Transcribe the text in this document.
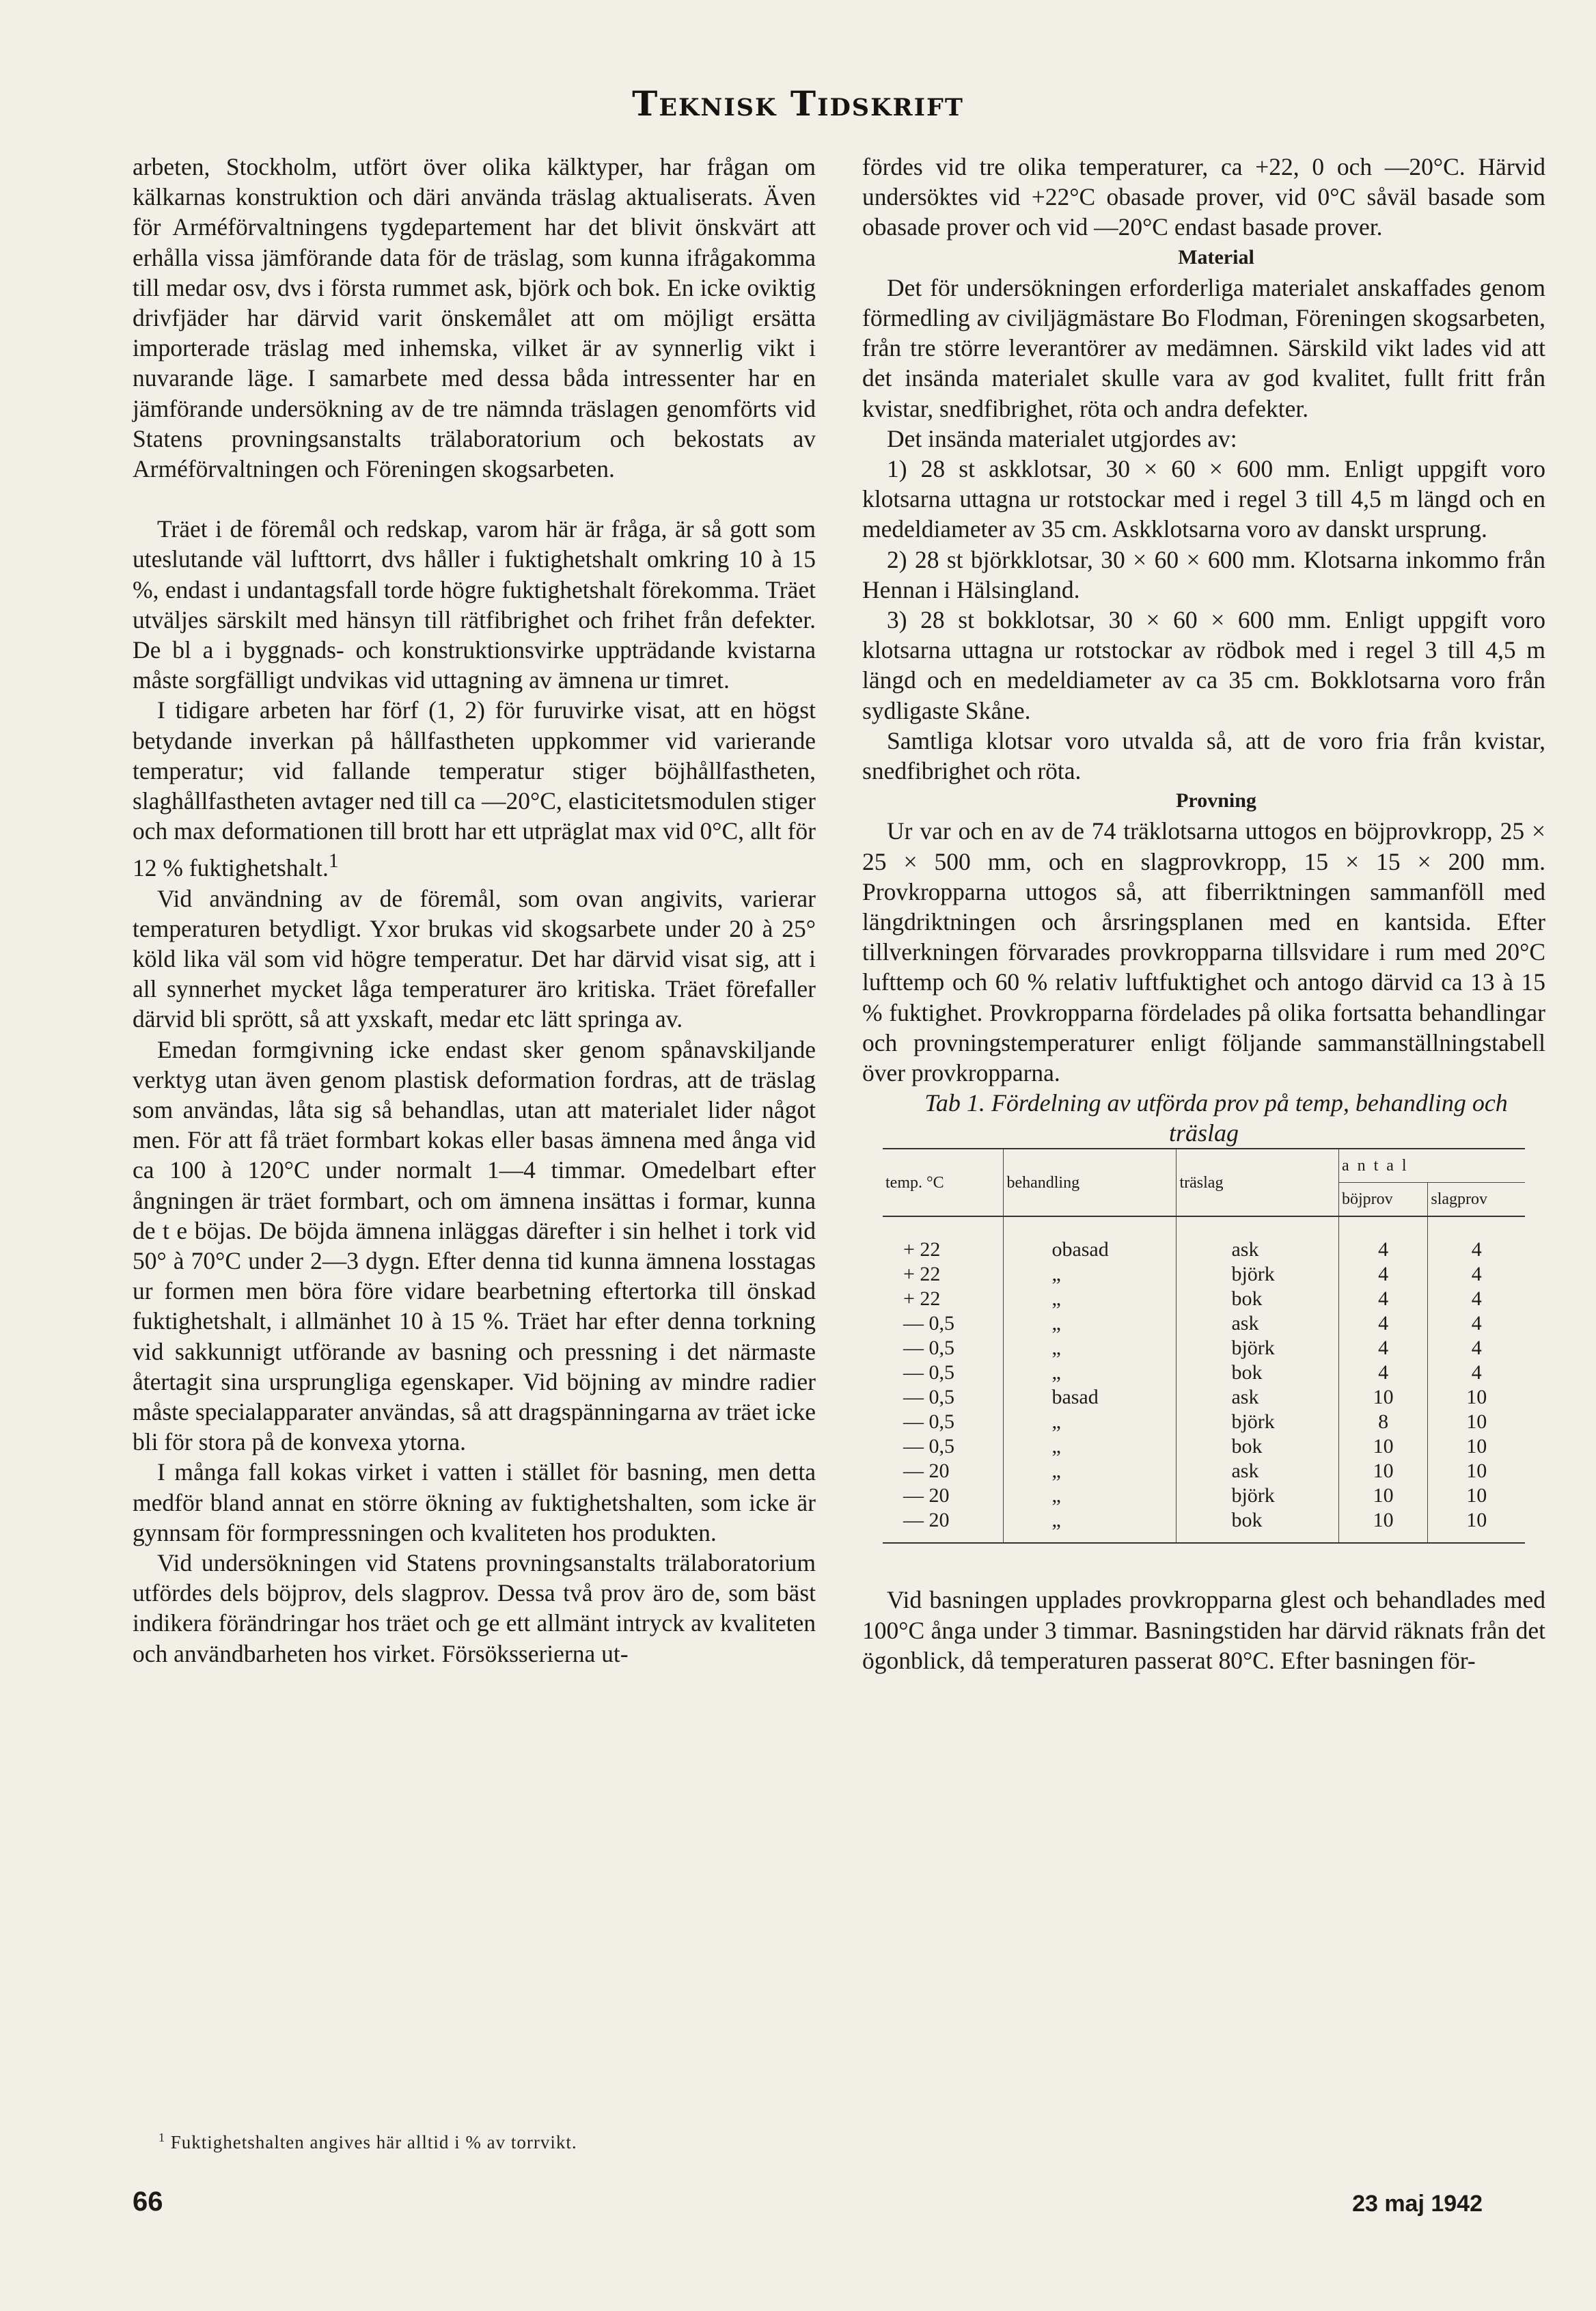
Teknisk Tidskrift

arbeten, Stockholm, utfört över olika kälktyper, har frågan om kälkarnas konstruktion och däri använda träslag aktualiserats. Även för Arméförvaltningens tygdepartement har det blivit önskvärt att erhålla vissa jämförande data för de träslag, som kunna ifrågakomma till medar osv, dvs i första rummet ask, björk och bok. En icke oviktig drivfjäder har därvid varit önskemålet att om möjligt ersätta importerade träslag med inhemska, vilket är av synnerlig vikt i nuvarande läge. I samarbete med dessa båda intressenter har en jämförande undersökning av de tre nämnda träslagen genomförts vid Statens provningsanstalts trälaboratorium och bekostats av Arméförvaltningen och Föreningen skogsarbeten.

Träet i de föremål och redskap, varom här är fråga, är så gott som uteslutande väl lufttorrt, dvs håller i fuktighetshalt omkring 10 à 15 %, endast i undantagsfall torde högre fuktighetshalt förekomma. Träet utväljes särskilt med hänsyn till rätfibrighet och frihet från defekter. De bl a i byggnads- och konstruktionsvirke uppträdande kvistarna måste sorgfälligt undvikas vid uttagning av ämnena ur timret.

I tidigare arbeten har förf (1, 2) för furuvirke visat, att en högst betydande inverkan på hållfastheten uppkommer vid varierande temperatur; vid fallande temperatur stiger böjhållfastheten, slaghållfastheten avtager ned till ca —20°C, elasticitetsmodulen stiger och max deformationen till brott har ett utpräglat max vid 0°C, allt för 12 % fuktighetshalt.$^1$

Vid användning av de föremål, som ovan angivits, varierar temperaturen betydligt. Yxor brukas vid skogsarbete under 20 à 25° köld lika väl som vid högre temperatur. Det har därvid visat sig, att i all synnerhet mycket låga temperaturer äro kritiska. Träet förefaller därvid bli sprött, så att yxskaft, medar etc lätt springa av.

Emedan formgivning icke endast sker genom spånavskiljande verktyg utan även genom plastisk deformation fordras, att de träslag som användas, låta sig så behandlas, utan att materialet lider något men. För att få träet formbart kokas eller basas ämnena med ånga vid ca 100 à 120°C under normalt 1—4 timmar. Omedelbart efter ångningen är träet formbart, och om ämnena insättas i formar, kunna de t e böjas. De böjda ämnena inläggas därefter i sin helhet i tork vid 50° à 70°C under 2—3 dygn. Efter denna tid kunna ämnena losstagas ur formen men böra före vidare bearbetning eftertorka till önskad fuktighetshalt, i allmänhet 10 à 15 %. Träet har efter denna torkning vid sakkunnigt utförande av basning och pressning i det närmaste återtagit sina ursprungliga egenskaper. Vid böjning av mindre radier måste specialapparater användas, så att dragspänningarna av träet icke bli för stora på de konvexa ytorna.

I många fall kokas virket i vatten i stället för basning, men detta medför bland annat en större ökning av fuktighetshalten, som icke är gynnsam för formpressningen och kvaliteten hos produkten.

Vid undersökningen vid Statens provningsanstalts trälaboratorium utfördes dels böjprov, dels slagprov. Dessa två prov äro de, som bäst indikera förändringar hos träet och ge ett allmänt intryck av kvaliteten och användbarheten hos virket. Försöksserierna ut-

$^1$ Fuktighetshalten angives här alltid i % av torrvikt.

fördes vid tre olika temperaturer, ca +22, 0 och —20°C. Härvid undersöktes vid +22°C obasade prover, vid 0°C såväl basade som obasade prover och vid —20°C endast basade prover.

Material

Det för undersökningen erforderliga materialet anskaffades genom förmedling av civiljägmästare Bo Flodman, Föreningen skogsarbeten, från tre större leverantörer av medämnen. Särskild vikt lades vid att det insända materialet skulle vara av god kvalitet, fullt fritt från kvistar, snedfibrighet, röta och andra defekter.

Det insända materialet utgjordes av:

1) 28 st askklotsar, 30 × 60 × 600 mm. Enligt uppgift voro klotsarna uttagna ur rotstockar med i regel 3 till 4,5 m längd och en medeldiameter av 35 cm. Askklotsarna voro av danskt ursprung.

2) 28 st björkklotsar, 30 × 60 × 600 mm. Klotsarna inkommo från Hennan i Hälsingland.

3) 28 st bokklotsar, 30 × 60 × 600 mm. Enligt uppgift voro klotsarna uttagna ur rotstockar av rödbok med i regel 3 till 4,5 m längd och en medeldiameter av ca 35 cm. Bokklotsarna voro från sydligaste Skåne.

Samtliga klotsar voro utvalda så, att de voro fria från kvistar, snedfibrighet och röta.

Provning

Ur var och en av de 74 träklotsarna uttogos en böjprovkropp, 25 × 25 × 500 mm, och en slagprovkropp, 15 × 15 × 200 mm. Provkropparna uttogos så, att fiberriktningen sammanföll med längdriktningen och årsringsplanen med en kantsida. Efter tillverkningen förvarades provkropparna tillsvidare i rum med 20°C lufttemp och 60 % relativ luftfuktighet och antogo därvid ca 13 à 15 % fuktighet. Provkropparna fördelades på olika fortsatta behandlingar och provningstemperaturer enligt följande sammanställningstabell över provkropparna.

Tab 1. Fördelning av utförda prov på temp, behandling och träslag

temp. °C	behandling	träslag	antal	
			böjprov	slagprov
+ 22	obasad	ask	4	4
+ 22	„	björk	4	4
+ 22	„	bok	4	4
— 0,5	„	ask	4	4
— 0,5	„	björk	4	4
— 0,5	„	bok	4	4
— 0,5	basad	ask	10	10
— 0,5	„	björk	8	10
— 0,5	„	bok	10	10
— 20	„	ask	10	10
— 20	„	björk	10	10
— 20	„	bok	10	10

Vid basningen upplades provkropparna glest och behandlades med 100°C ånga under 3 timmar. Basningstiden har därvid räknats från det ögonblick, då temperaturen passerat 80°C. Efter basningen för-

66	23 maj 1942
